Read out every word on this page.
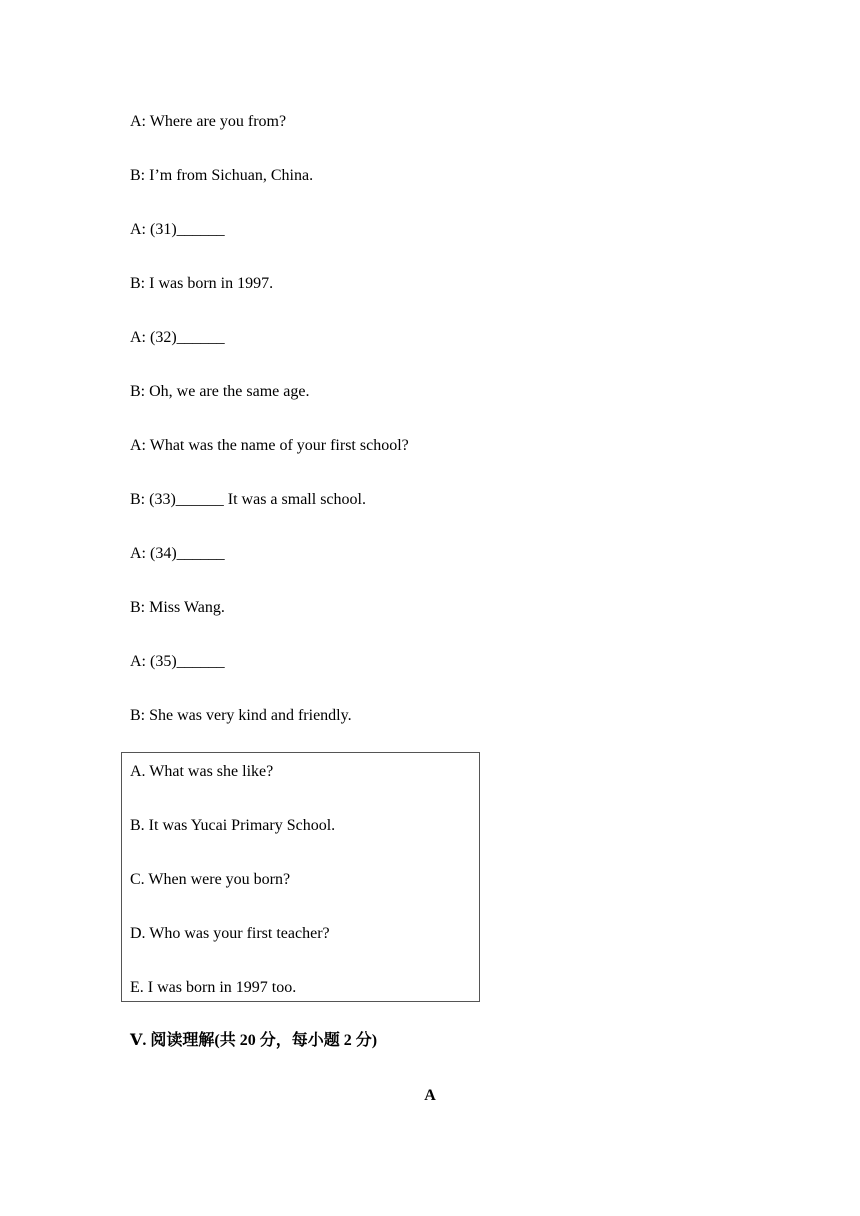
A: Where are you from?
B: I’m from Sichuan, China.
A: (31)______
B: I was born in 1997.
A: (32)______
B: Oh, we are the same age.
A: What was the name of your first school?
B: (33)______ It was a small school.
A: (34)______
B: Miss Wang.
A: (35)______
B: She was very kind and friendly.
A. What was she like?
B. It was Yucai Primary School.
C. When were you born?
D. Who was your first teacher?
E. I was born in 1997 too.
Ⅴ. 阅读理解(共 20 分，每小题 2 分)
A
